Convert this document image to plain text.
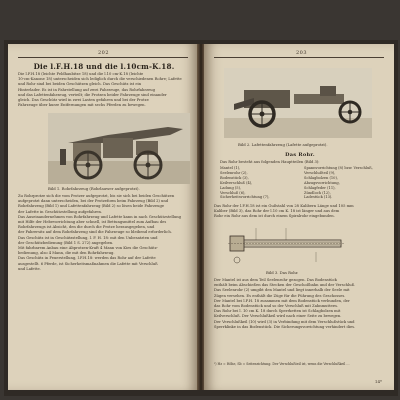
202
Die l.F.H.18 und die l.10cm-K.18.
Die l.F.H.18 (leichte Feldhaubitze 18) und die l.10 cm-K.18 (leichte
10-cm-Kanone 18) unterscheiden sich lediglich durch die verschiedenen Rohre; Lafette
und Rohr sind bei beiden Geschützen gleich. Das Geschütz ist ein
Hinterlader. Es ist in Fahrstellung auf zwei Fahrzeuge, das Rohrfahrzeug
und das Lafettenfahrzeug, verteilt; die Protzen beider Fahrzeuge sind einander
gleich. Das Geschütz wird in zwei Lasten gefahren und bei der Protze
Fahrzeuge über kurze Entfernungen mit sechs Pferden zu bewegen.
Bild 1. Rohrfahrzeug (Rohrlauwer aufgeprotzt).
Zu Rohrprotze sich die vom Protzer aufgeprotzt, bis sie sich bei beiden Geschützen
aufgeprotzt dann unterscheiden, bei der Protzeform beim Fahrzeug (Bild 2) und
Rohrfahrzeug (Bild 1) und Lafettenfahrzeug (Bild 2) so lösen beide Fahrzeuge
der Lafette in Geschützstellung aufgefahren.
Das Auseinandernehmen von Rohrfahrzeug und Lafette kann in nach Geschützstellung
mit Hilfe der Hebevorrichtung aber schnell, ist Bettungsmittel zum Aufbau des
Rohrfahrzeugs ist Absicht, den die durch die Protze herausgegeben, und
der Fahrersitz auf dem Rohrfahrzeug sind die Fahrzeuge so bleibend erforderlich.
Das Geschütz ist in Geschützstellung, l. F. H. 18: mit den Unbesatzten und
der Geschützbedienung (Bild 1 S. 272) angegeben.
Mit fahrbarem Anbau eine Abprotzen-Kraft 4 Mann von Kies die Geschütz-
bedienung, also 4 Mann, die mit den Rohrfahrzeug.
Das Geschütz in Feuerstellung, l.F.H.18: werden das Rohr auf der Lafette
ausgestellt. 6 Pferde, ist Sicherheitsmaßnahmen die Lafette mit Verschluß
und Lafette.
203
Bild 2. Lafettenfahrzeug (Lafette aufgeprotzt).
Das Rohr.

Das Rohr besteht aus folgenden Hauptteilen (Bild 3):

Mantel (1),
Seelenrohr (2),
Bodenstück (3),
Keilverschluß (4),
Ladung (5),
Verschluß (6),
Sicherheitsvorrichtung (7),
Spannvorrichtung (8) bzw. Verschluß,
Verschlußteil (9),
Schlagbolzen (10),
Abzugsvorrichtung,
Schlagfeder (11),
Zündloch (12),
Ladestück (13).
Das Rohr der l.F.H.18 ist ein Gußstahl von 28 Kalibern Länge und 105 mm
Kaliber (Bild 3), das Rohr der l.10 cm K. 18 ist länger und aus dem
Rohr ein Rohr aus dem ist durch einem Spiralrohr eingebunden.
Bild 3. Das Rohr.
Der Mantel ist aus dem Teil Seelenrohr gezogen. Das Bodenstück
enthält beim Abschießen das Stecken der Geschoßbahn und der Verschluß.
Das Seelenrohr (2) umgibt den Mantel und liegt innerhalb der Seele mit
Zügen versehen. Es enthält die Züge für die Führung des Geschosses.
Der Mantel bei l.F.H. 18 zusammen mit dem Bodenstück verbunden, der
das Rohr vom Bodenstück und so der Verschluß mit Zahnmuttern.
Das Rohr bei l. 10 cm K. 18 durch Sperrketten ist Schlagbolzen mit
Keilverschluß. Der Verschlußkeil wird nach einer Seite zu bewegen.
Der Verschlußkeil (10) wird (3) in Verbindung mit dem Verschlußstück und
Sperrklinke in das Bodenstück. Die Sicherungsvorrichtung verhindert dies.
¹) Hz = Höhe, Sb = Seitenrichtung. Der Verschlußteil ist, wenn die Verschlußkeil …
14*
